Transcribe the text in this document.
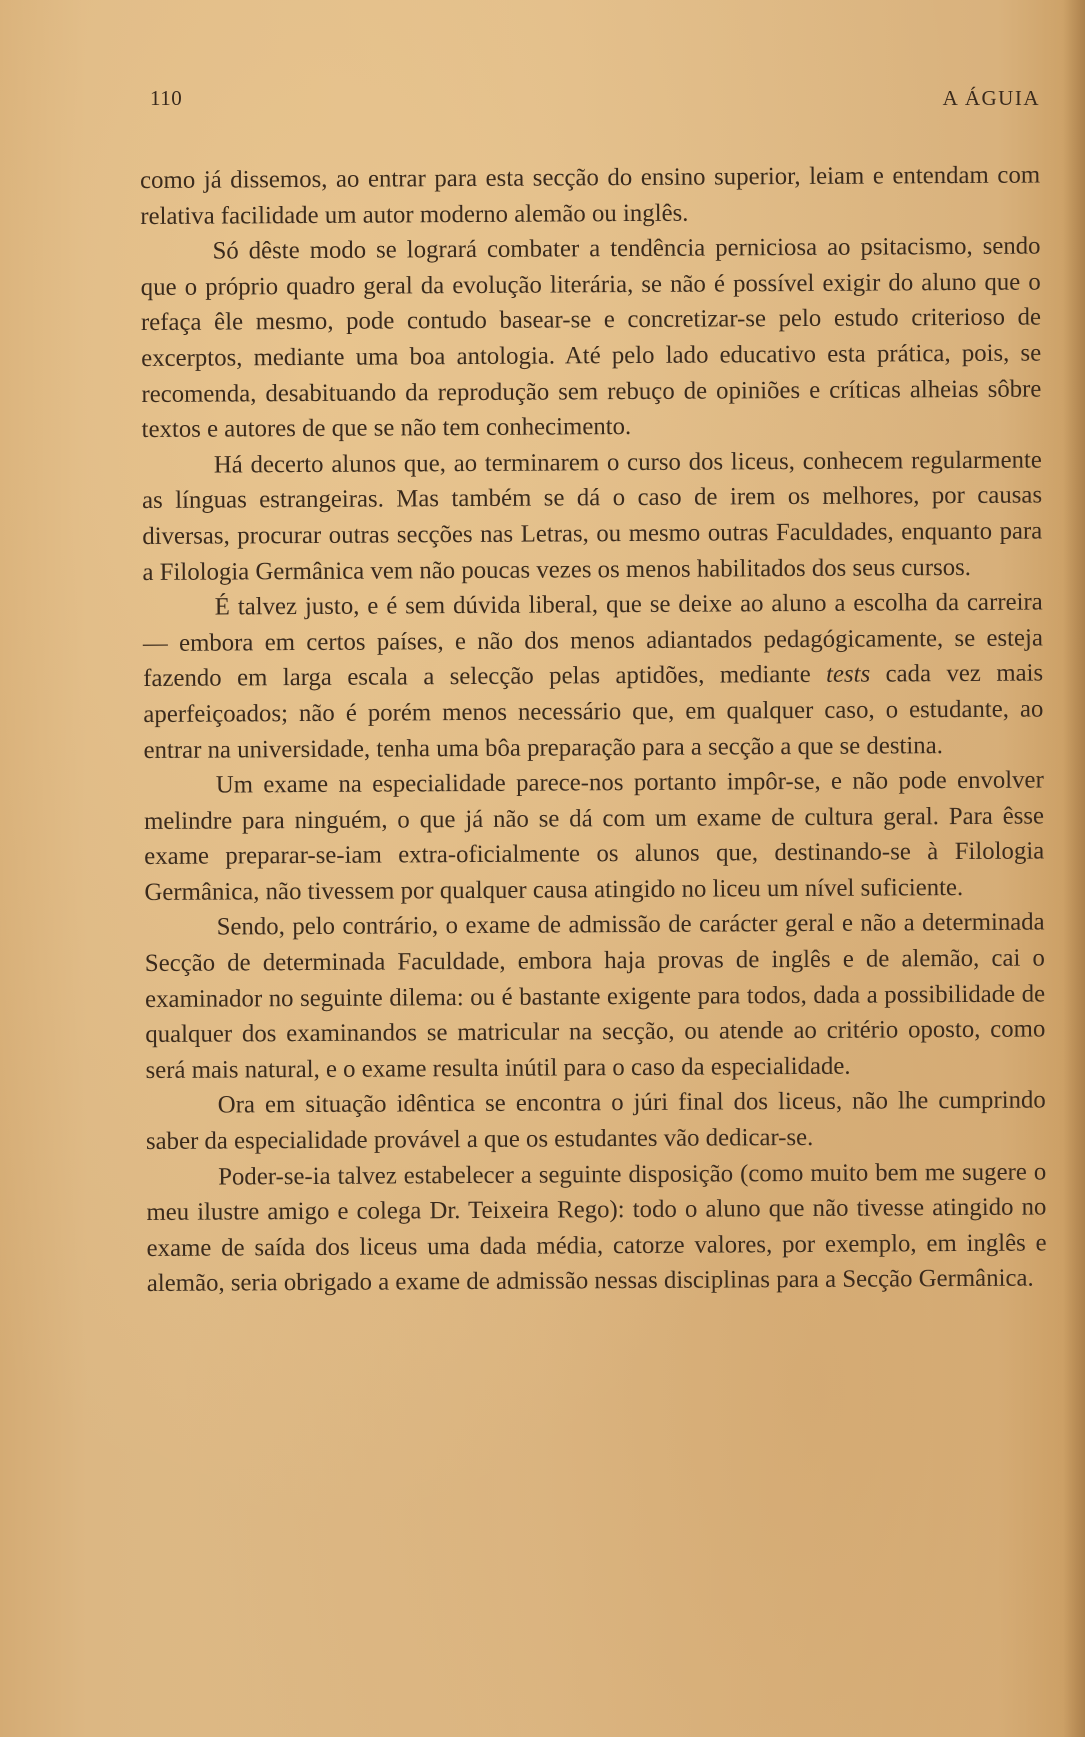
110	A ÁGUIA

como já dissemos, ao entrar para esta secção do ensino superior, leiam e entendam com relativa facilidade um autor moderno alemão ou inglês.

Só dêste modo se logrará combater a tendência perniciosa ao psitacismo, sendo que o próprio quadro geral da evolução literária, se não é possível exigir do aluno que o refaça êle mesmo, pode contudo basear-se e concretizar-se pelo estudo criterioso de excerptos, mediante uma boa antologia. Até pelo lado educativo esta prática, pois, se recomenda, desabituando da reprodução sem rebuço de opiniões e críticas alheias sôbre textos e autores de que se não tem conhecimento.

Há decerto alunos que, ao terminarem o curso dos liceus, conhecem regularmente as línguas estrangeiras. Mas também se dá o caso de irem os melhores, por causas diversas, procurar outras secções nas Letras, ou mesmo outras Faculdades, enquanto para a Filologia Germânica vem não poucas vezes os menos habilitados dos seus cursos.

É talvez justo, e é sem dúvida liberal, que se deixe ao aluno a escolha da carreira — embora em certos países, e não dos menos adiantados pedagógicamente, se esteja fazendo em larga escala a selecção pelas aptidões, mediante tests cada vez mais aperfeiçoados; não é porém menos necessário que, em qualquer caso, o estudante, ao entrar na universidade, tenha uma bôa preparação para a secção a que se destina.

Um exame na especialidade parece-nos portanto impôr-se, e não pode envolver melindre para ninguém, o que já não se dá com um exame de cultura geral. Para êsse exame preparar-se-iam extra-oficialmente os alunos que, destinando-se à Filologia Germânica, não tivessem por qualquer causa atingido no liceu um nível suficiente.

Sendo, pelo contrário, o exame de admissão de carácter geral e não a determinada Secção de determinada Faculdade, embora haja provas de inglês e de alemão, cai o examinador no seguinte dilema: ou é bastante exigente para todos, dada a possibilidade de qualquer dos examinandos se matricular na secção, ou atende ao critério oposto, como será mais natural, e o exame resulta inútil para o caso da especialidade.

Ora em situação idêntica se encontra o júri final dos liceus, não lhe cumprindo saber da especialidade provável a que os estudantes vão dedicar-se.

Poder-se-ia talvez estabelecer a seguinte disposição (como muito bem me sugere o meu ilustre amigo e colega Dr. Teixeira Rego): todo o aluno que não tivesse atingido no exame de saída dos liceus uma dada média, catorze valores, por exemplo, em inglês e alemão, seria obrigado a exame de admissão nessas disciplinas para a Secção Germânica.
